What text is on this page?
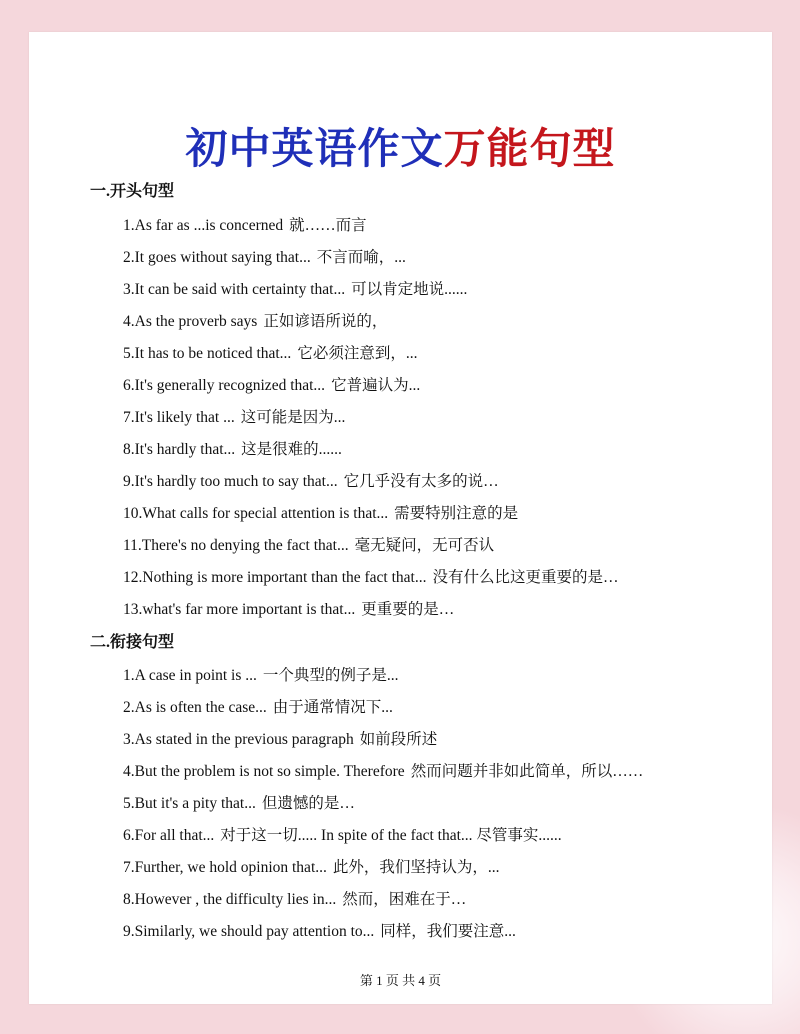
初中英语作文万能句型
一.开头句型
1.As far as ...is concerned 就……而言
2.It goes without saying that... 不言而喻，...
3.It can be said with certainty that... 可以肯定地说......
4.As the proverb says 正如谚语所说的，
5.It has to be noticed that... 它必须注意到，...
6.It's generally recognized that... 它普遍认为...
7.It's likely that ... 这可能是因为...
8.It's hardly that... 这是很难的......
9.It's hardly too much to say that... 它几乎没有太多的说…
10.What calls for special attention is that... 需要特别注意的是
11.There's no denying the fact that... 毫无疑问，无可否认
12.Nothing is more important than the fact that... 没有什么比这更重要的是…
13.what's far more important is that... 更重要的是…
二.衔接句型
1.A case in point is ... 一个典型的例子是...
2.As is often the case... 由于通常情况下...
3.As stated in the previous paragraph 如前段所述
4.But the problem is not so simple. Therefore 然而问题并非如此简单，所以……
5.But it's a pity that... 但遗憾的是…
6.For all that... 对于这一切..... In spite of the fact that... 尽管事实......
7.Further, we hold opinion that... 此外，我们坚持认为，...
8.However , the difficulty lies in... 然而，困难在于…
9.Similarly, we should pay attention to... 同样，我们要注意...
第 1 页 共 4 页
